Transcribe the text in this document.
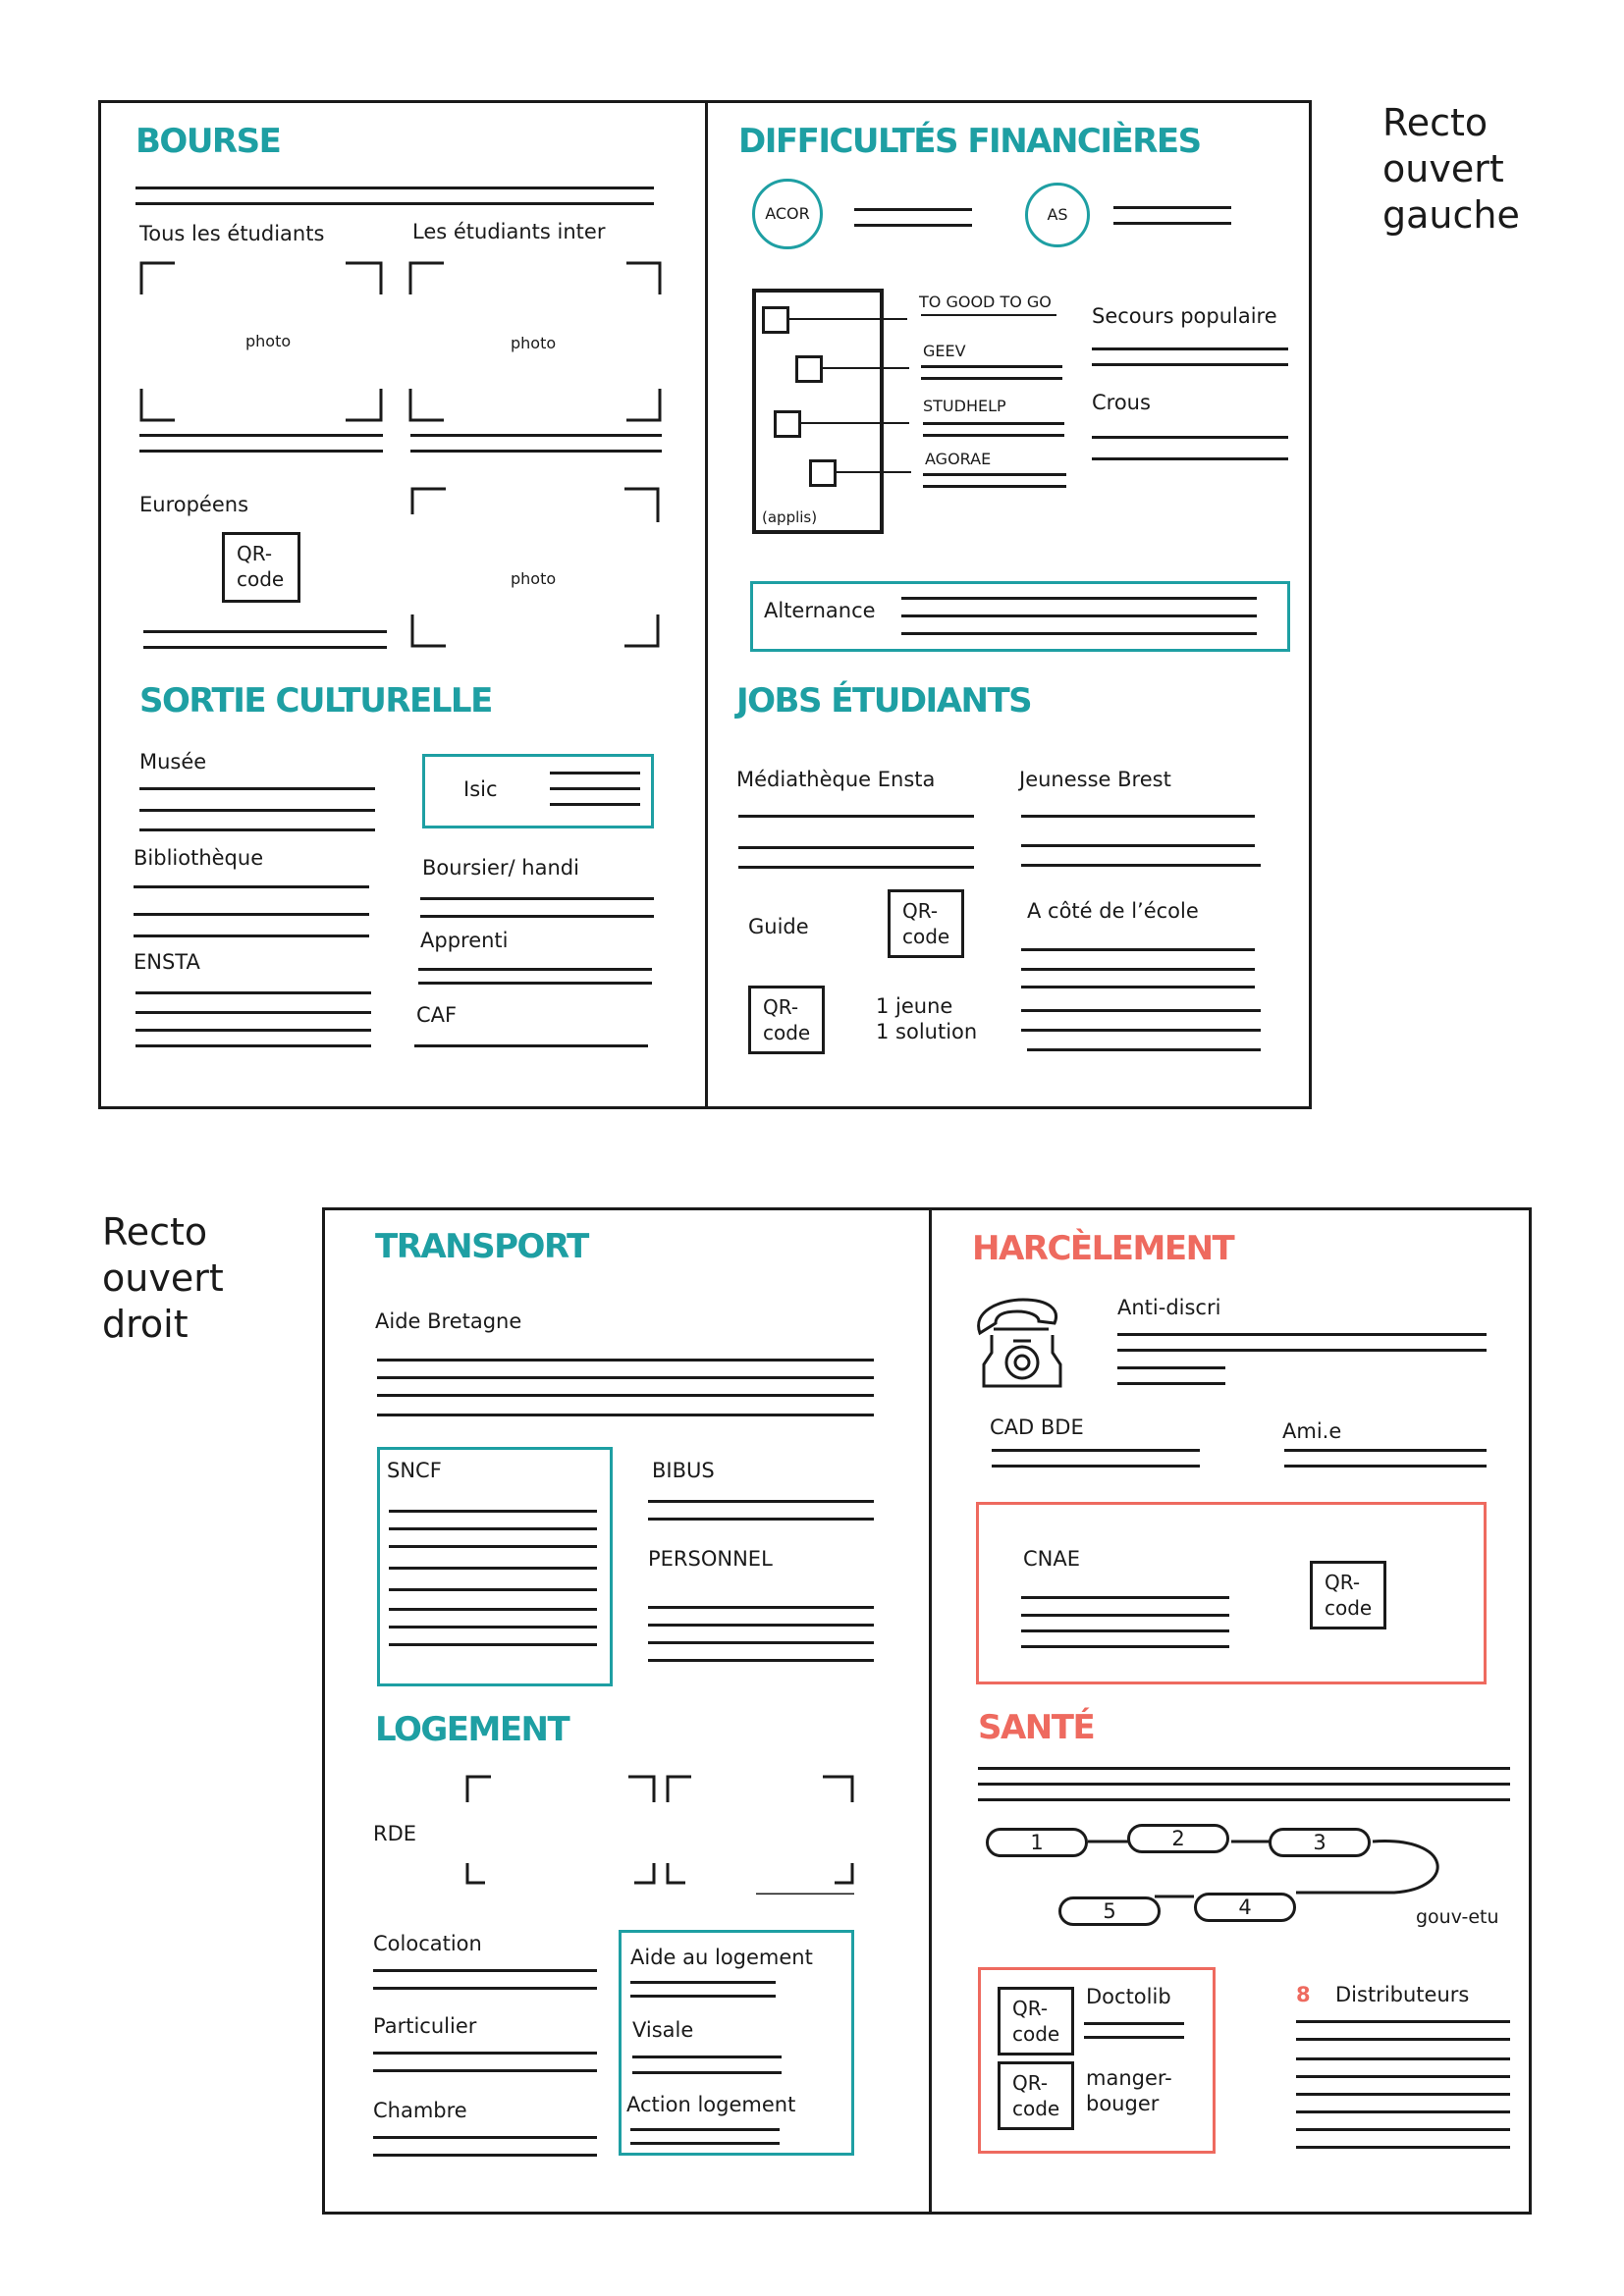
Recto
ouvert
gauche
Recto
ouvert
droit
BOURSE
Tous les étudiants	Les étudiants inter
photo	photo
photo
Européens
QR-
code
SORTIE CULTURELLE
Musée
Bibliothèque
ENSTA
Isic
Boursier/ handi
Apprenti
CAF
DIFFICULTÉS FINANCIÈRES
ACOR	AS
(applis)
TO GOOD TO GO
GEEV
STUDHELP
AGORAE
Secours populaire
Crous
Alternance
JOBS ÉTUDIANTS
Médiathèque Ensta	Jeunesse Brest
Guide
QR-
code
QR-
code
1 jeune
1 solution
A côté de l’école
TRANSPORT
Aide Bretagne
SNCF	BIBUS
PERSONNEL
LOGEMENT
RDE
Colocation
Particulier
Chambre
Aide au logement
Visale
Action logement
HARCÈLEMENT
Anti-discri
CAD BDE	Ami.e
CNAE
QR-
code
SANTÉ
1	2	3
4
5	gouv-etu
QR-
code
Doctolib
QR-
code
manger-
bouger
8 Distributeurs
